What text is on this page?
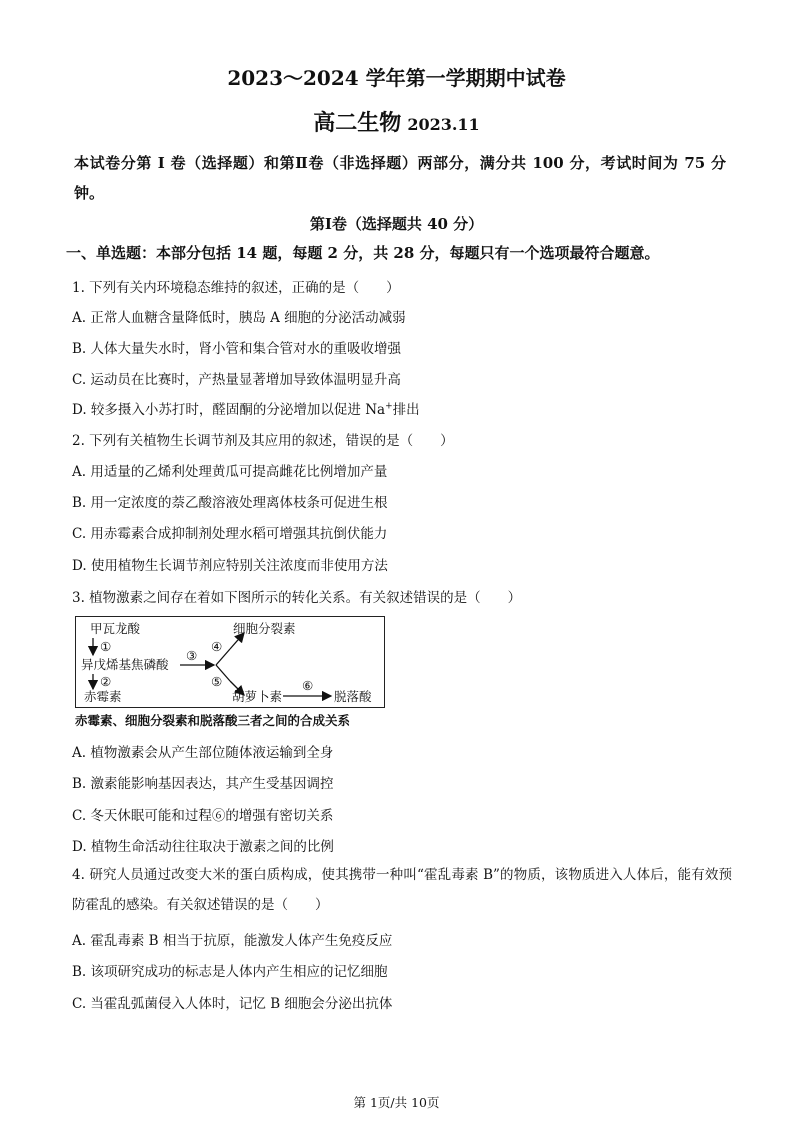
2023～2024 学年第一学期期中试卷
高二生物 2023.11
本试卷分第 I 卷（选择题）和第Ⅱ卷（非选择题）两部分，满分共 100 分，考试时间为 75 分钟。
第Ⅰ卷（选择题共 40 分）
一、单选题：本部分包括 14 题，每题 2 分，共 28 分，每题只有一个选项最符合题意。
1. 下列有关内环境稳态维持的叙述，正确的是（　　）
A. 正常人血糖含量降低时，胰岛 A 细胞的分泌活动减弱
B. 人体大量失水时，肾小管和集合管对水的重吸收增强
C. 运动员在比赛时，产热量显著增加导致体温明显升高
D. 较多摄入小苏打时，醛固酮的分泌增加以促进 Na+排出
2. 下列有关植物生长调节剂及其应用的叙述，错误的是（　　）
A. 用适量的乙烯利处理黄瓜可提高雌花比例增加产量
B. 用一定浓度的萘乙酸溶液处理离体枝条可促进生根
C. 用赤霉素合成抑制剂处理水稻可增强其抗倒伏能力
D. 使用植物生长调节剂应特别关注浓度而非使用方法
3. 植物激素之间存在着如下图所示的转化关系。有关叙述错误的是（　　）
甲瓦龙酸
①
异戊烯基焦磷酸
②
赤霉素
③
④
⑤
细胞分裂素
胡萝卜素
⑥
脱落酸
赤霉素、细胞分裂素和脱落酸三者之间的合成关系
A. 植物激素会从产生部位随体液运输到全身
B. 激素能影响基因表达，其产生受基因调控
C. 冬天休眠可能和过程⑥的增强有密切关系
D. 植物生命活动往往取决于激素之间的比例
4. 研究人员通过改变大米的蛋白质构成，使其携带一种叫“霍乱毒素 B”的物质，该物质进入人体后，能有效预防霍乱的感染。有关叙述错误的是（　　）
A. 霍乱毒素 B 相当于抗原，能激发人体产生免疫反应
B. 该项研究成功的标志是人体内产生相应的记忆细胞
C. 当霍乱弧菌侵入人体时，记忆 B 细胞会分泌出抗体
第 1页/共 10页
